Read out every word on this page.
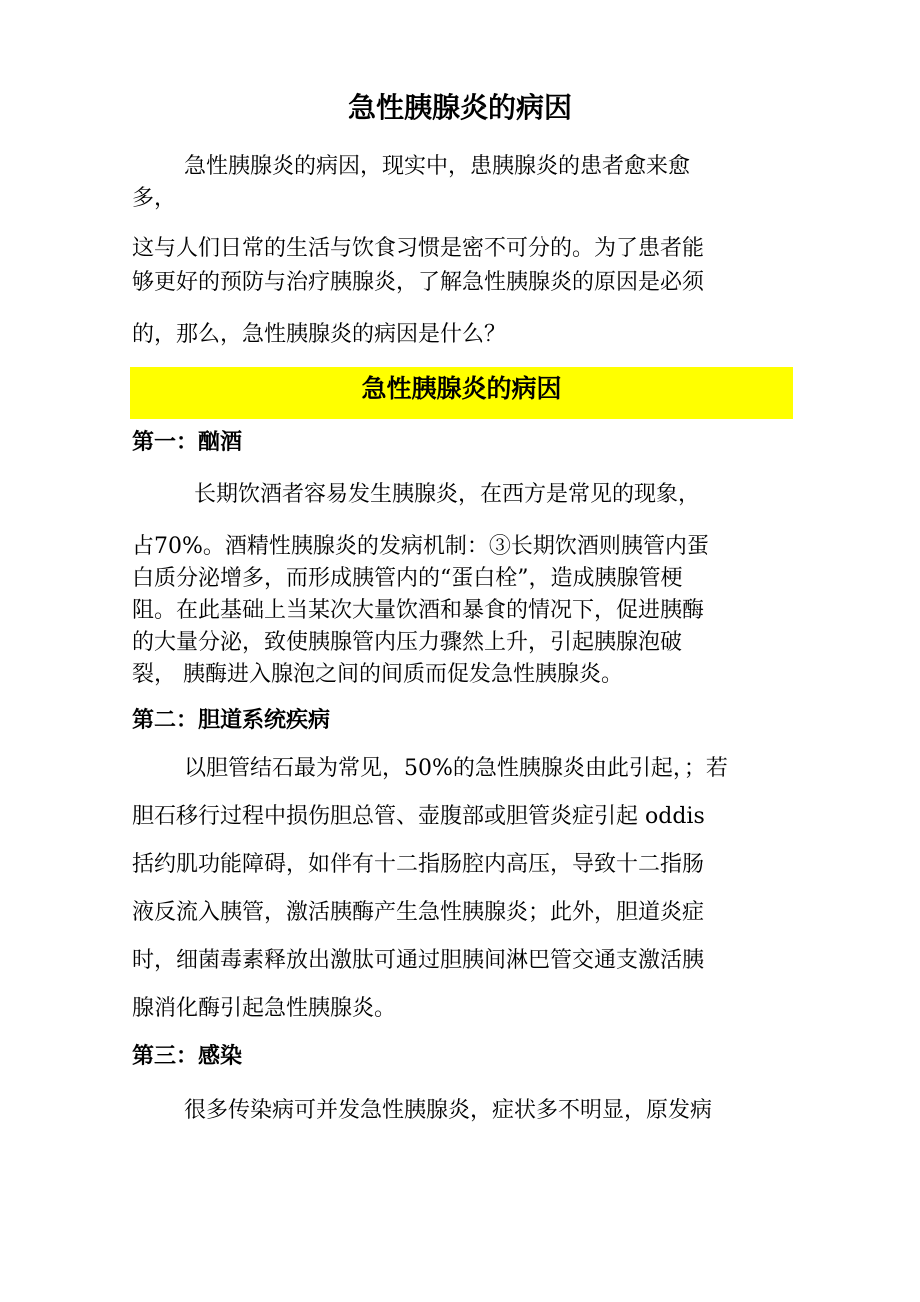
急性胰腺炎的病因

急性胰腺炎的病因，现实中，患胰腺炎的患者愈来愈

多，

这与人们日常的生活与饮食习惯是密不可分的。为了患者能

够更好的预防与治疗胰腺炎，了解急性胰腺炎的原因是必须

的，那么，急性胰腺炎的病因是什么？

急性胰腺炎的病因
第一：酗酒

长期饮酒者容易发生胰腺炎，在西方是常见的现象，

占70%。酒精性胰腺炎的发病机制：③长期饮酒则胰管内蛋

白质分泌增多，而形成胰管内的“蛋白栓”，造成胰腺管梗

阻。在此基础上当某次大量饮酒和暴食的情况下，促进胰酶

的大量分泌，致使胰腺管内压力骤然上升，引起胰腺泡破

裂， 胰酶进入腺泡之间的间质而促发急性胰腺炎。

第二：胆道系统疾病

以胆管结石最为常见，50%的急性胰腺炎由此引起，；若

胆石移行过程中损伤胆总管、壶腹部或胆管炎症引起 oddis

括约肌功能障碍，如伴有十二指肠腔内高压，导致十二指肠

液反流入胰管，激活胰酶产生急性胰腺炎；此外，胆道炎症

时，细菌毒素释放出激肽可通过胆胰间淋巴管交通支激活胰

腺消化酶引起急性胰腺炎。

第三：感染

很多传染病可并发急性胰腺炎，症状多不明显，原发病
